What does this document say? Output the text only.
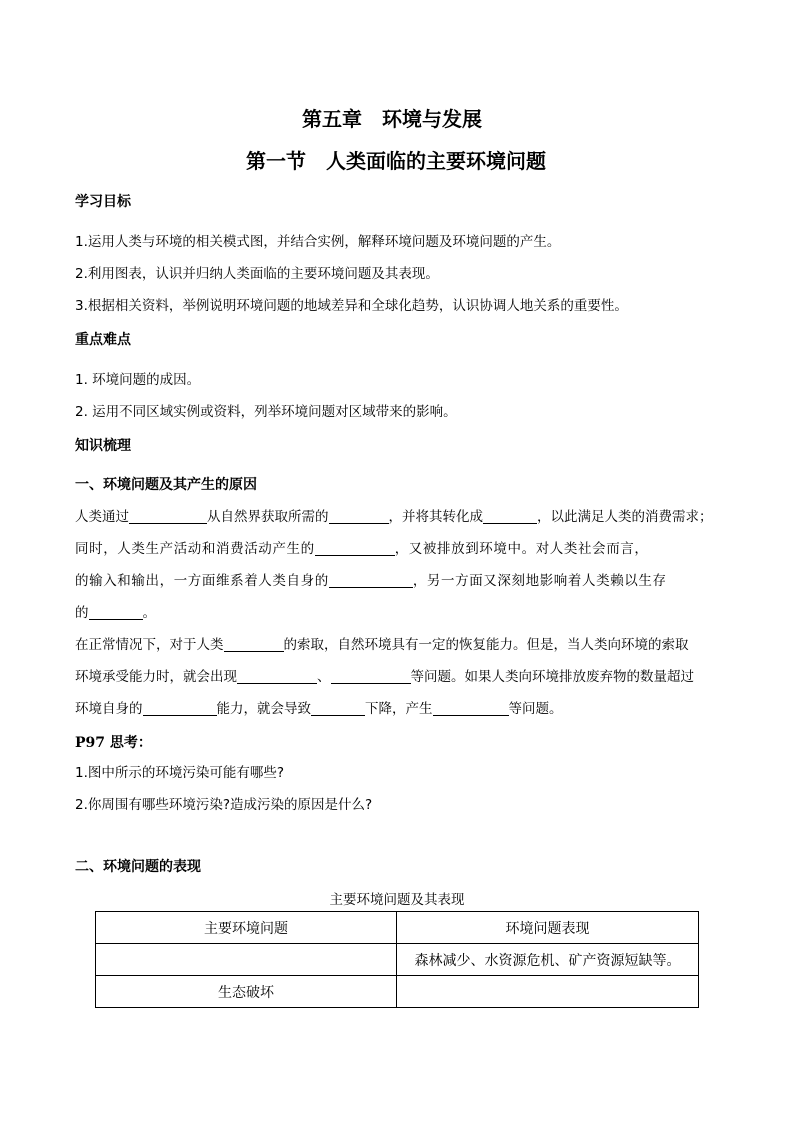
第五章　环境与发展
第一节　人类面临的主要环境问题
学习目标
1.运用人类与环境的相关模式图，并结合实例，解释环境问题及环境问题的产生。
2.利用图表，认识并归纳人类面临的主要环境问题及其表现。
3.根据相关资料，举例说明环境问题的地域差异和全球化趋势，认识协调人地关系的重要性。
重点难点
1. 环境问题的成因。
2. 运用不同区域实例或资料，列举环境问题对区域带来的影响。
知识梳理
一、环境问题及其产生的原因
人类通过	从自然界获取所需的	，并将其转化成	，以此满足人类的消费需求；
同时，人类生产活动和消费活动产生的	，又被排放到环境中。对人类社会而言，
的输入和输出，一方面维系着人类自身的	，另一方面又深刻地影响着人类赖以生存
的	。
在正常情况下，对于人类	的索取，自然环境具有一定的恢复能力。但是，当人类向环境的索取
环境承受能力时，就会出现	、	等问题。如果人类向环境排放废弃物的数量超过
环境自身的	能力，就会导致	下降，产生	等问题。
P97 思考：
1.图中所示的环境污染可能有哪些?
2.你周围有哪些环境污染?造成污染的原因是什么?
二、环境问题的表现
主要环境问题及其表现
主要环境问题	环境问题表现
	森林减少、水资源危机、矿产资源短缺等。
生态破坏	
